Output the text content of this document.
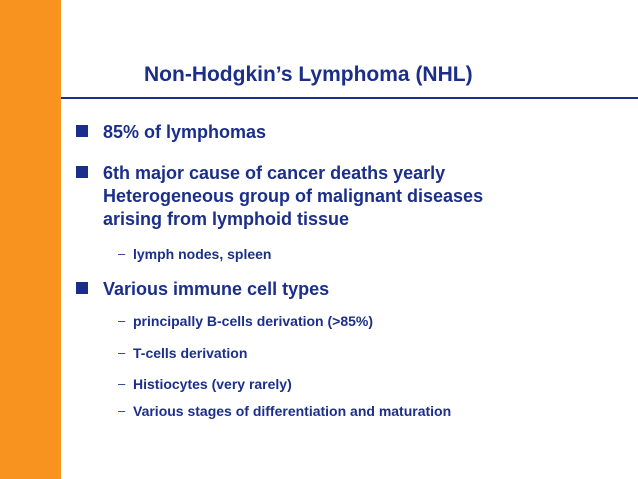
Non-Hodgkin’s Lymphoma (NHL)

85% of lymphomas

6th major cause of cancer deaths yearly

Heterogeneous group of malignant diseases

arising from lymphoid tissue

– lymph nodes, spleen

Various immune cell types

– principally B-cells derivation (>85%)

– T-cells derivation

– Histiocytes (very rarely)

– Various stages of differentiation and maturation
